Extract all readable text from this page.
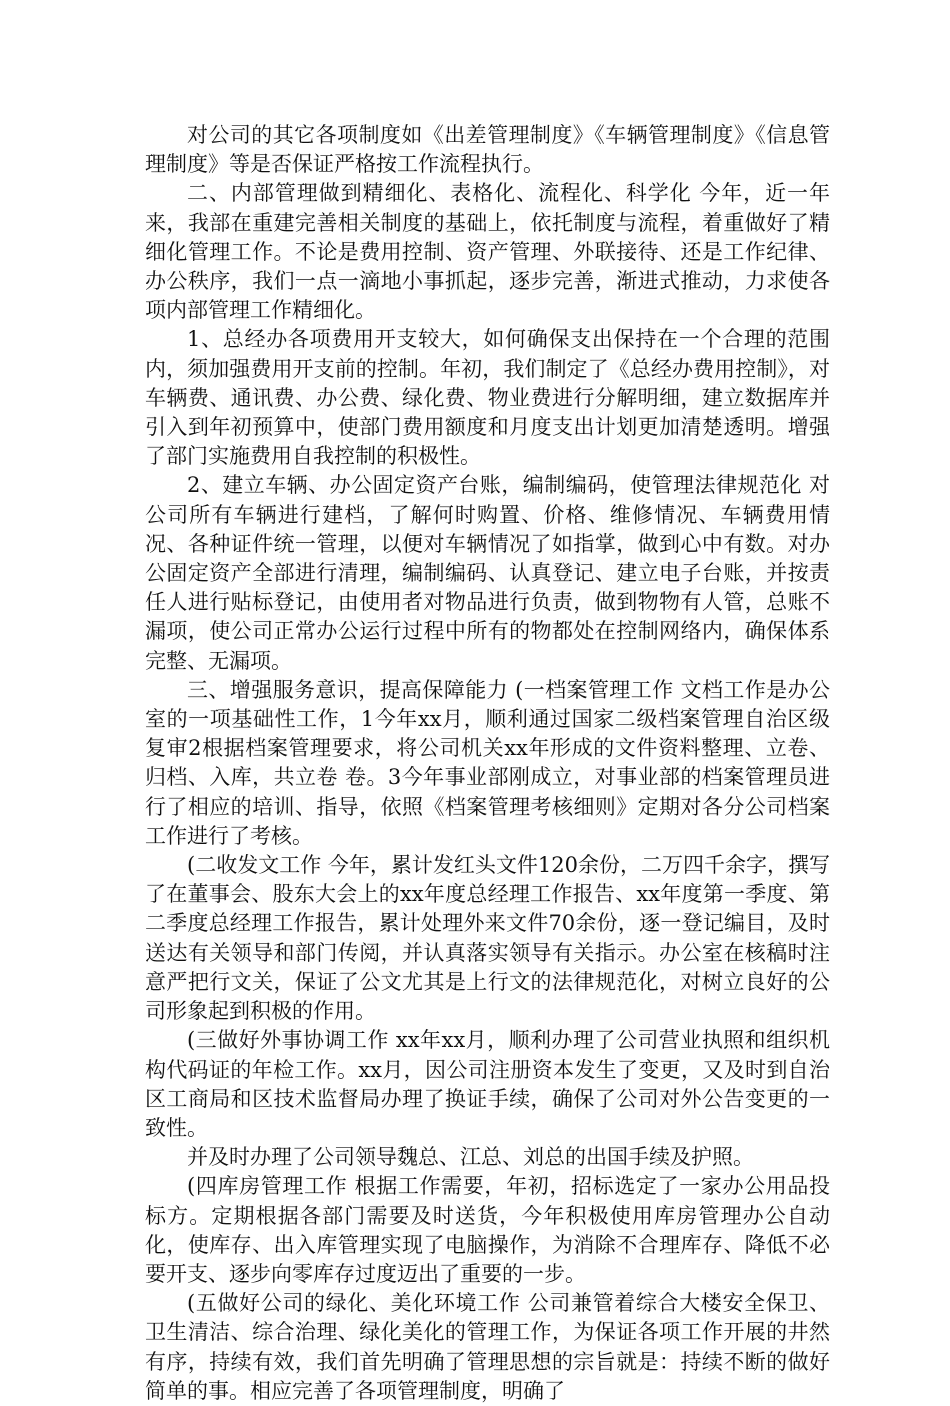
对公司的其它各项制度如《出差管理制度》《车辆管理制度》《信息管理制度》等是否保证严格按工作流程执行。

二、内部管理做到精细化、表格化、流程化、科学化 今年，近一年来，我部在重建完善相关制度的基础上，依托制度与流程，着重做好了精细化管理工作。不论是费用控制、资产管理、外联接待、还是工作纪律、办公秩序，我们一点一滴地小事抓起，逐步完善，渐进式推动，力求使各项内部管理工作精细化。

1、总经办各项费用开支较大，如何确保支出保持在一个合理的范围内，须加强费用开支前的控制。年初，我们制定了《总经办费用控制》，对车辆费、通讯费、办公费、绿化费、物业费进行分解明细，建立数据库并引入到年初预算中，使部门费用额度和月度支出计划更加清楚透明。增强了部门实施费用自我控制的积极性。

2、建立车辆、办公固定资产台账，编制编码，使管理法律规范化 对公司所有车辆进行建档，了解何时购置、价格、维修情况、车辆费用情况、各种证件统一管理，以便对车辆情况了如指掌，做到心中有数。对办公固定资产全部进行清理，编制编码、认真登记、建立电子台账，并按责任人进行贴标登记，由使用者对物品进行负责，做到物物有人管，总账不漏项，使公司正常办公运行过程中所有的物都处在控制网络内，确保体系完整、无漏项。

三、增强服务意识，提高保障能力 (一档案管理工作 文档工作是办公室的一项基础性工作，1今年xx月，顺利通过国家二级档案管理自治区级复审2根据档案管理要求，将公司机关xx年形成的文件资料整理、立卷、归档、入库，共立卷 卷。3今年事业部刚成立，对事业部的档案管理员进行了相应的培训、指导，依照《档案管理考核细则》定期对各分公司档案工作进行了考核。

(二收发文工作 今年，累计发红头文件120余份，二万四千余字，撰写了在董事会、股东大会上的xx年度总经理工作报告、xx年度第一季度、第二季度总经理工作报告，累计处理外来文件70余份，逐一登记编目，及时送达有关领导和部门传阅，并认真落实领导有关指示。办公室在核稿时注意严把行文关，保证了公文尤其是上行文的法律规范化，对树立良好的公司形象起到积极的作用。

(三做好外事协调工作 xx年xx月，顺利办理了公司营业执照和组织机构代码证的年检工作。xx月，因公司注册资本发生了变更，又及时到自治区工商局和区技术监督局办理了换证手续，确保了公司对外公告变更的一致性。

并及时办理了公司领导魏总、江总、刘总的出国手续及护照。

(四库房管理工作 根据工作需要，年初，招标选定了一家办公用品投标方。定期根据各部门需要及时送货，今年积极使用库房管理办公自动化，使库存、出入库管理实现了电脑操作，为消除不合理库存、降低不必要开支、逐步向零库存过度迈出了重要的一步。

(五做好公司的绿化、美化环境工作 公司兼管着综合大楼安全保卫、卫生清洁、综合治理、绿化美化的管理工作，为保证各项工作开展的井然有序，持续有效，我们首先明确了管理思想的宗旨就是：持续不断的做好简单的事。相应完善了各项管理制度，明确了
